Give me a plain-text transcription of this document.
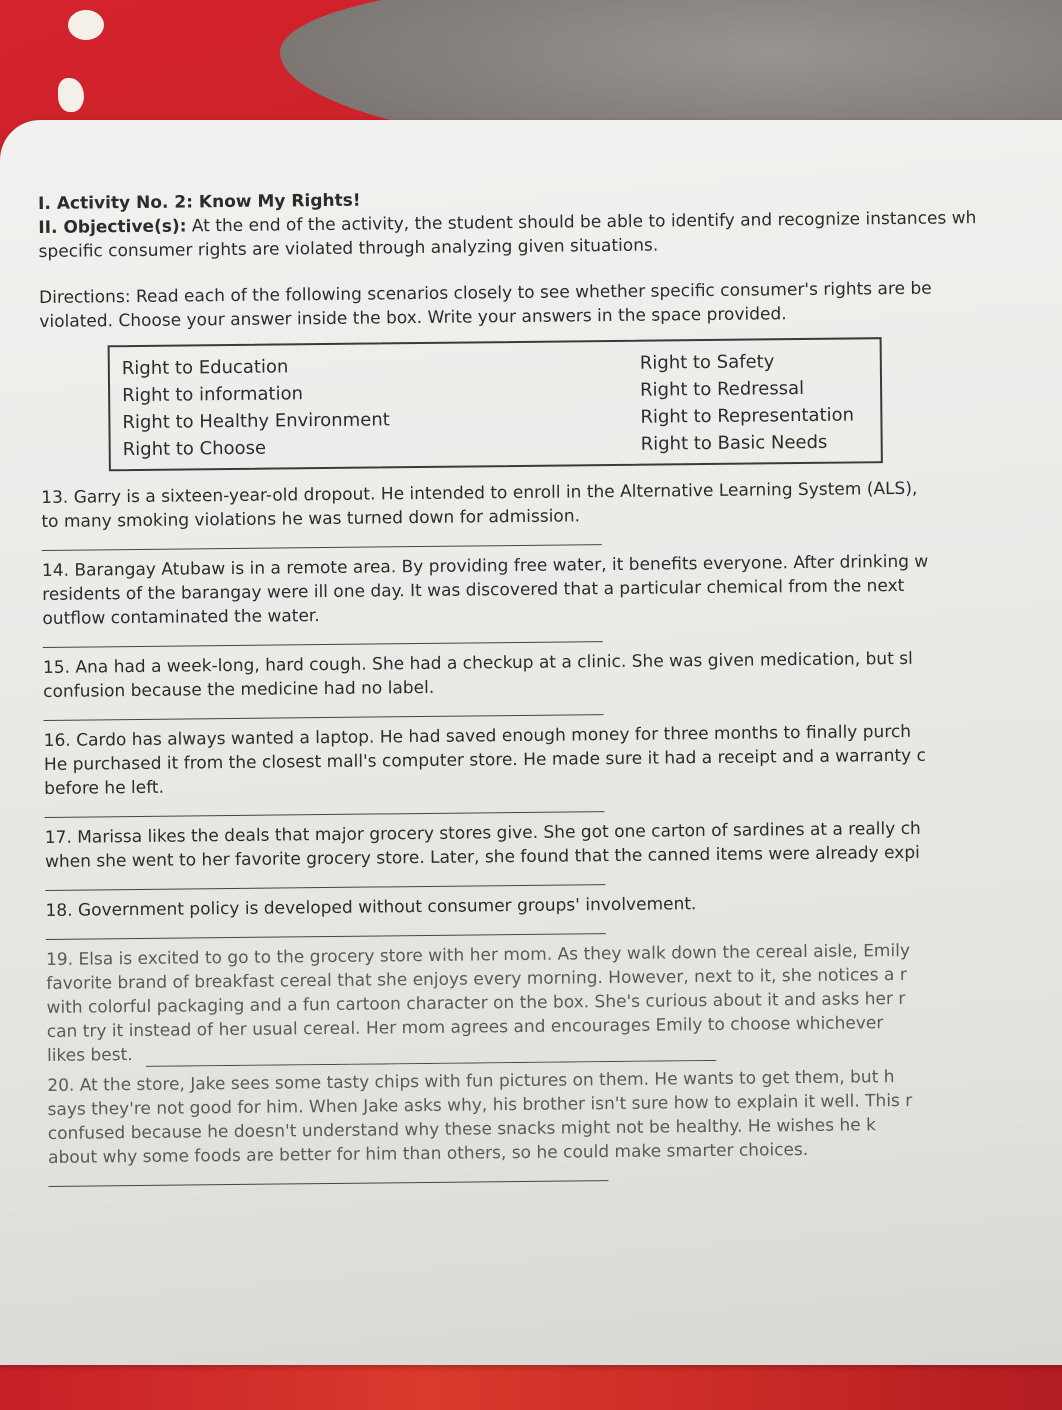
I. Activity No. 2: Know My Rights!
II. Objective(s): At the end of the activity, the student should be able to identify and recognize instances wh
specific consumer rights are violated through analyzing given situations.
Directions: Read each of the following scenarios closely to see whether specific consumer's rights are be
violated. Choose your answer inside the box. Write your answers in the space provided.
Right to Education
Right to information
Right to Healthy Environment
Right to Choose
Right to Safety
Right to Redressal
Right to Representation
Right to Basic Needs
13. Garry is a sixteen-year-old dropout. He intended to enroll in the Alternative Learning System (ALS),
to many smoking violations he was turned down for admission.
14. Barangay Atubaw is in a remote area. By providing free water, it benefits everyone. After drinking w
residents of the barangay were ill one day. It was discovered that a particular chemical from the next
outflow contaminated the water.
15. Ana had a week-long, hard cough. She had a checkup at a clinic. She was given medication, but sl
confusion because the medicine had no label.
16. Cardo has always wanted a laptop. He had saved enough money for three months to finally purch
He purchased it from the closest mall's computer store. He made sure it had a receipt and a warranty c
before he left.
17. Marissa likes the deals that major grocery stores give. She got one carton of sardines at a really ch
when she went to her favorite grocery store. Later, she found that the canned items were already expi
18. Government policy is developed without consumer groups' involvement.
19. Elsa is excited to go to the grocery store with her mom. As they walk down the cereal aisle, Emily
favorite brand of breakfast cereal that she enjoys every morning. However, next to it, she notices a r
with colorful packaging and a fun cartoon character on the box. She's curious about it and asks her r
can try it instead of her usual cereal. Her mom agrees and encourages Emily to choose whichever
likes best.
20. At the store, Jake sees some tasty chips with fun pictures on them. He wants to get them, but h
says they're not good for him. When Jake asks why, his brother isn't sure how to explain it well. This r
confused because he doesn't understand why these snacks might not be healthy. He wishes he k
about why some foods are better for him than others, so he could make smarter choices.
